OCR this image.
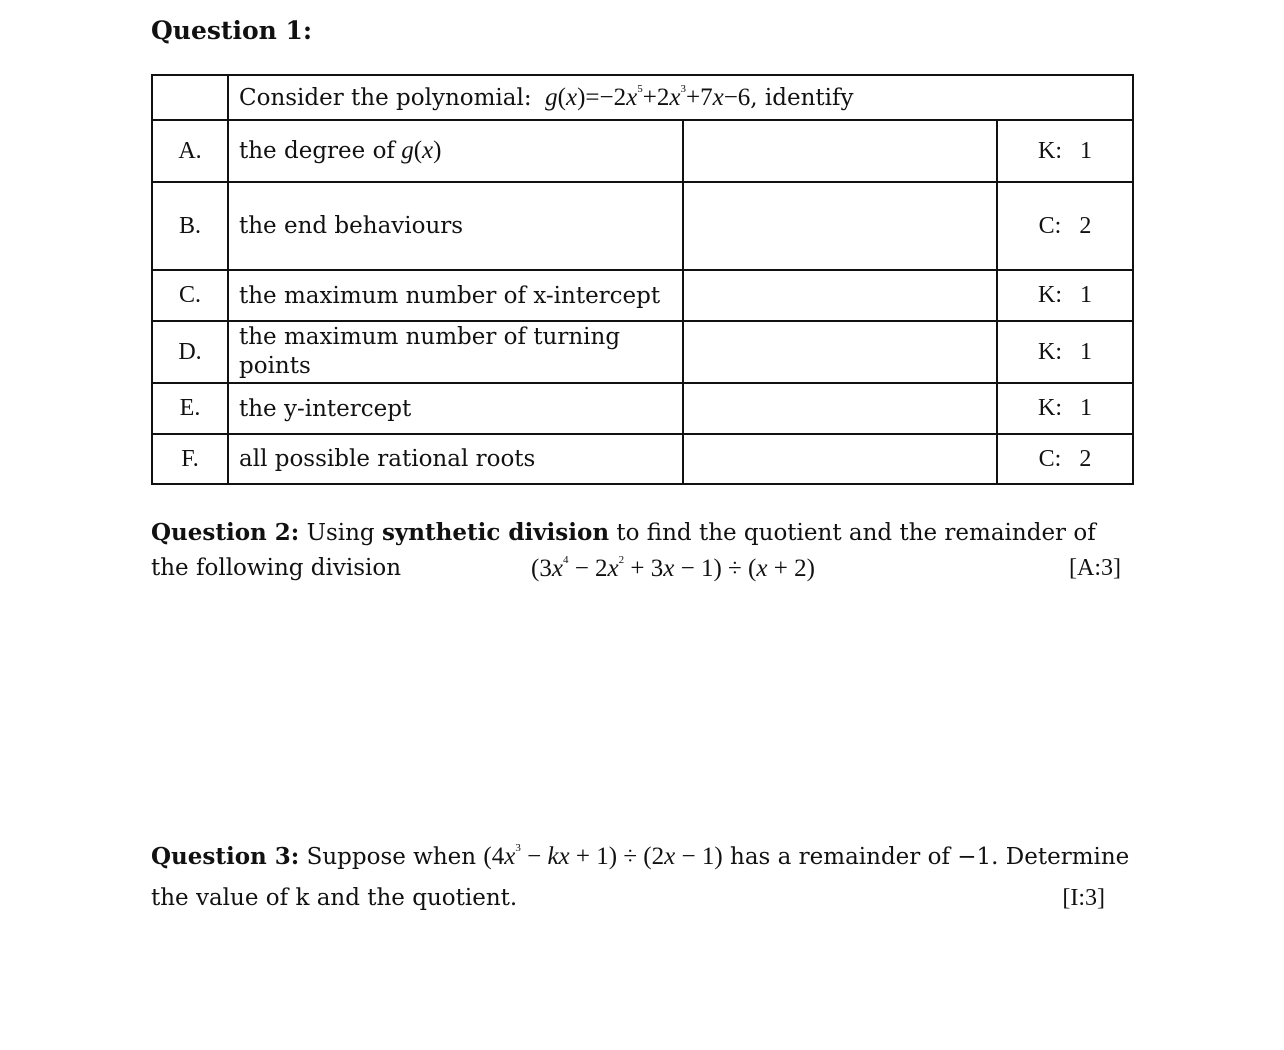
Question 1:
	Consider the polynomial: $g(x)=-2x^5+2x^3+7x-6$, identify		
A.	the degree of g(x)		K: 1
B.	the end behaviours		C: 2
C.	the maximum number of x-intercept		K: 1
D.	the maximum number of turning points		K: 1
E.	the y-intercept		K: 1
F.	all possible rational roots		C: 2
Question 2: Using synthetic division to find the quotient and the remainder of
the following division	$(3x^4 - 2x^2 + 3x - 1) \div (x + 2)$	[A:3]
Question 3: Suppose when ($4x^3$ − kx + 1) ÷ (2x − 1) has a remainder of −1. Determine
the value of k and the quotient.	[I:3]
